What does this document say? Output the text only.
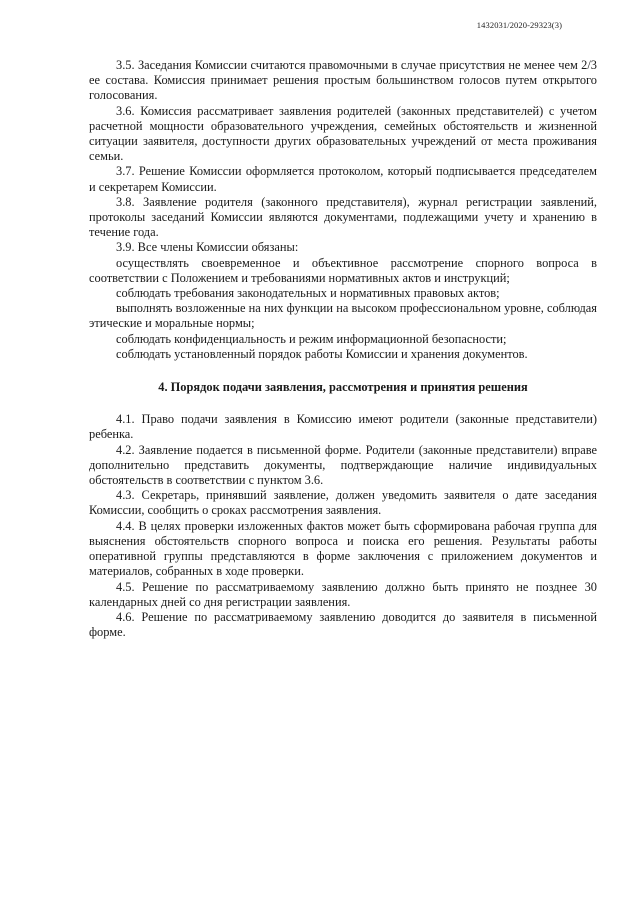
1432031/2020-29323(3)

3.5. Заседания Комиссии считаются правомочными в случае присутствия не менее чем 2/3 ее состава. Комиссия принимает решения простым большинством голосов путем открытого голосования.

3.6. Комиссия рассматривает заявления родителей (законных представителей) с учетом расчетной мощности образовательного учреждения, семейных обстоятельств и жизненной ситуации заявителя, доступности других образовательных учреждений от места проживания семьи.

3.7. Решение Комиссии оформляется протоколом, который подписывается председателем и секретарем Комиссии.

3.8. Заявление родителя (законного представителя), журнал регистрации заявлений, протоколы заседаний Комиссии являются документами, подлежащими учету и хранению в течение года.

3.9. Все члены Комиссии обязаны:

осуществлять своевременное и объективное рассмотрение спорного вопроса в соответствии с Положением и требованиями нормативных актов и инструкций;

соблюдать требования законодательных и нормативных правовых актов;

выполнять возложенные на них функции на высоком профессиональном уровне, соблюдая этические и моральные нормы;

соблюдать конфиденциальность и режим информационной безопасности;

соблюдать установленный порядок работы Комиссии и хранения документов.

4. Порядок подачи заявления, рассмотрения и принятия решения

4.1. Право подачи заявления в Комиссию имеют родители (законные представители) ребенка.

4.2. Заявление подается в письменной форме. Родители (законные представители) вправе дополнительно представить документы, подтверждающие наличие индивидуальных обстоятельств в соответствии с пунктом 3.6.

4.3. Секретарь, принявший заявление, должен уведомить заявителя о дате заседания Комиссии, сообщить о сроках рассмотрения заявления.

4.4. В целях проверки изложенных фактов может быть сформирована рабочая группа для выяснения обстоятельств спорного вопроса и поиска его решения. Результаты работы оперативной группы представляются в форме заключения с приложением документов и материалов, собранных в ходе проверки.

4.5. Решение по рассматриваемому заявлению должно быть принято не позднее 30 календарных дней со дня регистрации заявления.

4.6. Решение по рассматриваемому заявлению доводится до заявителя в письменной форме.
